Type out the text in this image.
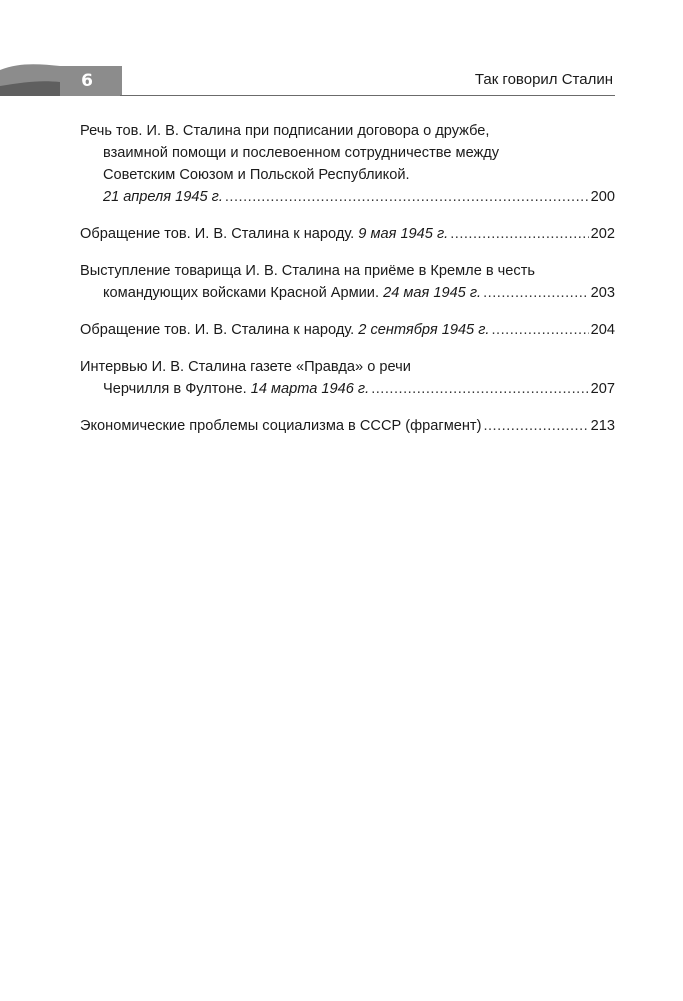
6	Так говорил Сталин
Речь тов. И. В. Сталина при подписании договора о дружбе,
взаимной помощи и послевоенном сотрудничестве между
Советским Союзом и Польской Республикой.
21 апреля 1945 г. .....	200
Обращение тов. И. В. Сталина к народу.
9 мая 1945 г. .....	202
Выступление товарища И. В. Сталина на приёме в Кремле в честь
командующих войсками Красной Армии.
24 мая 1945 г. .....	203
Обращение тов. И. В. Сталина к народу.
2 сентября 1945 г. .....	204
Интервью И. В. Сталина газете «Правда» о речи
Черчилля в Фултоне.
14 марта 1946 г. .....	207
Экономические проблемы социализма в СССР (фрагмент) .....	213
